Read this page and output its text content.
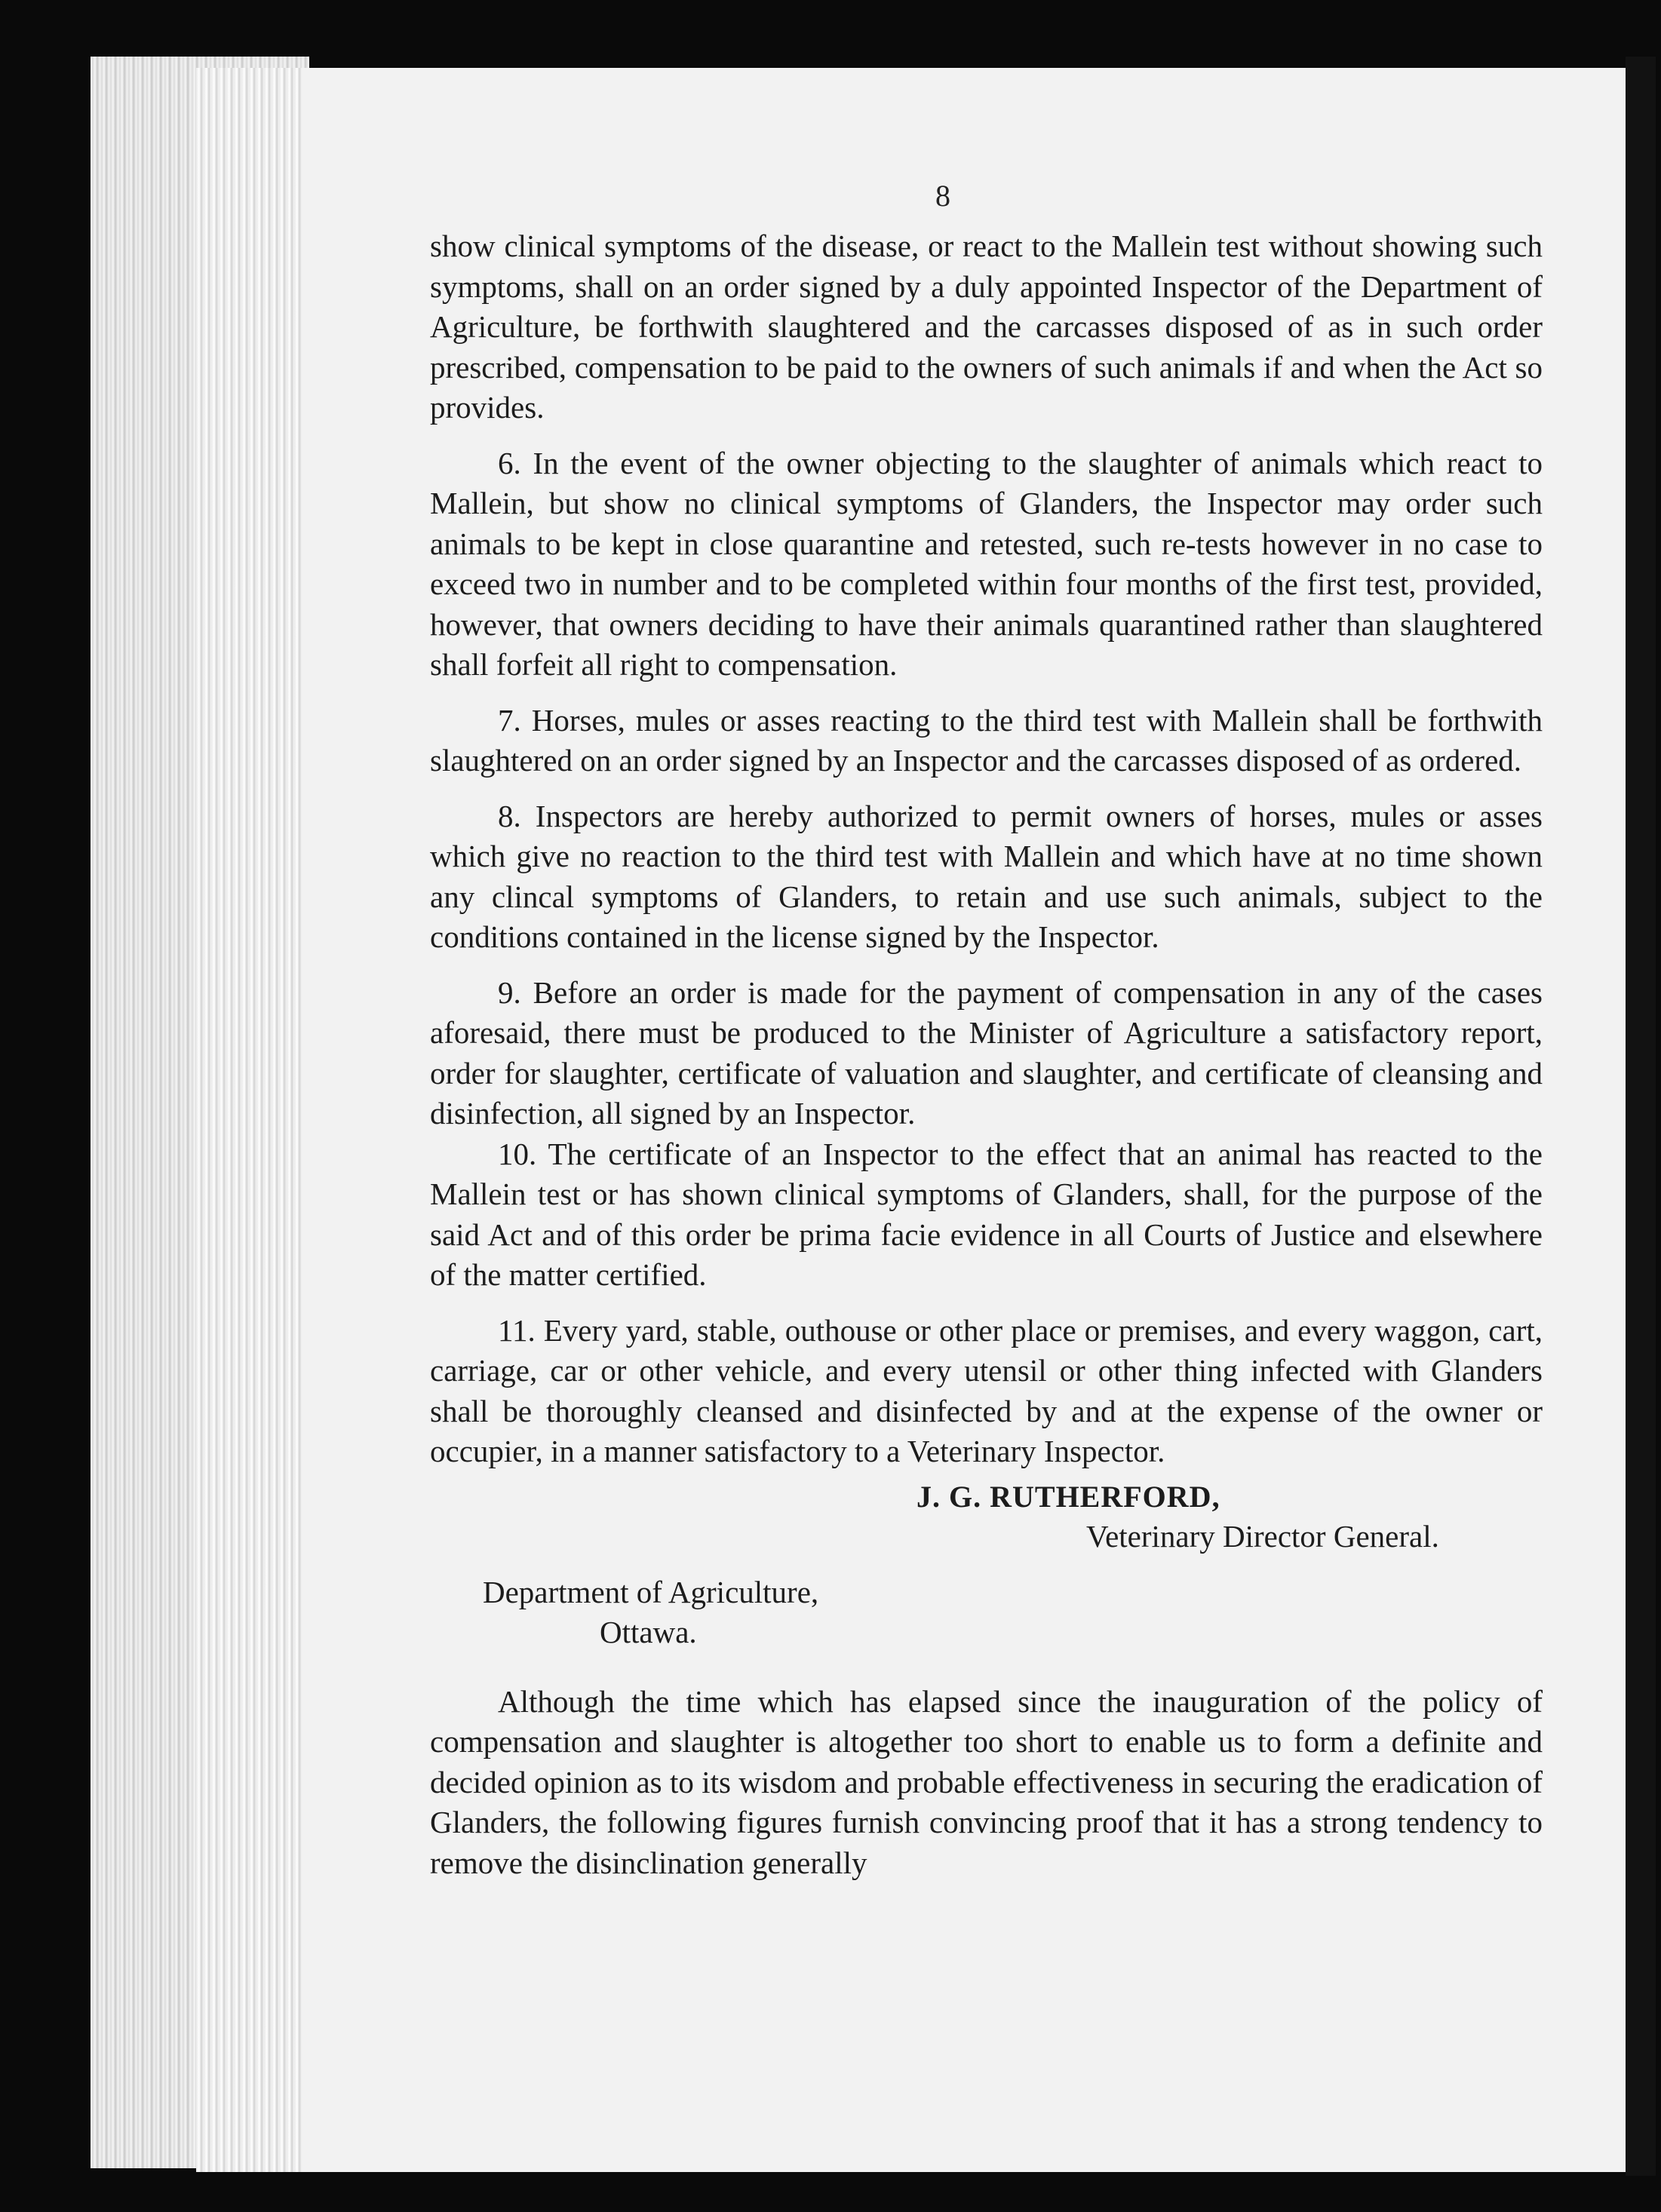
8

show clinical symptoms of the disease, or react to the Mallein test without showing such symptoms, shall on an order signed by a duly appointed Inspector of the Department of Agriculture, be forthwith slaughtered and the carcasses disposed of as in such order prescribed, compensation to be paid to the owners of such animals if and when the Act so provides.

6. In the event of the owner objecting to the slaughter of animals which react to Mallein, but show no clinical symptoms of Glanders, the Inspector may order such animals to be kept in close quarantine and retested, such re-tests however in no case to exceed two in number and to be completed within four months of the first test, provided, however, that owners deciding to have their animals quarantined rather than slaughtered shall forfeit all right to compensation.

7. Horses, mules or asses reacting to the third test with Mallein shall be forthwith slaughtered on an order signed by an Inspector and the carcasses disposed of as ordered.

8. Inspectors are hereby authorized to permit owners of horses, mules or asses which give no reaction to the third test with Mallein and which have at no time shown any clincal symptoms of Glanders, to retain and use such animals, subject to the conditions contained in the license signed by the Inspector.

9. Before an order is made for the payment of compensation in any of the cases aforesaid, there must be produced to the Minister of Agriculture a satisfactory report, order for slaughter, certificate of valuation and slaughter, and certificate of cleansing and disinfection, all signed by an Inspector.

10. The certificate of an Inspector to the effect that an animal has reacted to the Mallein test or has shown clinical symptoms of Glanders, shall, for the purpose of the said Act and of this order be prima facie evidence in all Courts of Justice and elsewhere of the matter certified.

11. Every yard, stable, outhouse or other place or premises, and every waggon, cart, carriage, car or other vehicle, and every utensil or other thing infected with Glanders shall be thoroughly cleansed and disinfected by and at the expense of the owner or occupier, in a manner satisfactory to a Veterinary Inspector.

J. G. RUTHERFORD,
Veterinary Director General.
Department of Agriculture,
Ottawa.

Although the time which has elapsed since the inauguration of the policy of compensation and slaughter is altogether too short to enable us to form a definite and decided opinion as to its wisdom and probable effectiveness in securing the eradication of Glanders, the following figures furnish convincing proof that it has a strong tendency to remove the disinclination generally
